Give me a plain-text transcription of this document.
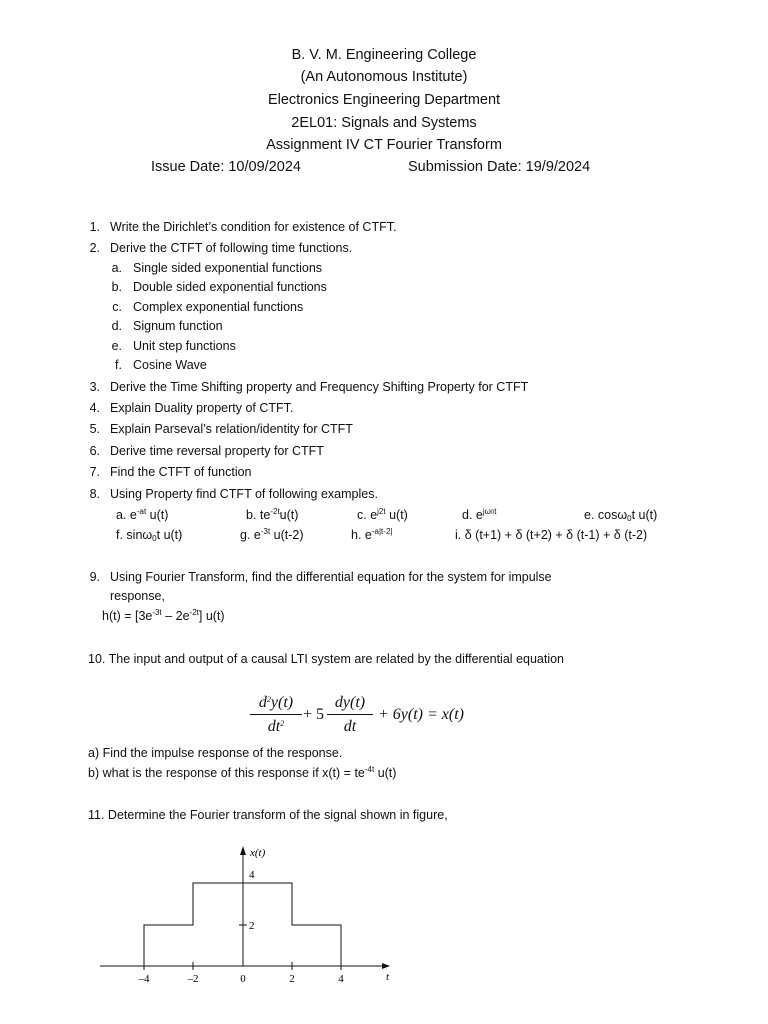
B. V. M. Engineering College
(An Autonomous Institute)
Electronics Engineering Department
2EL01: Signals and Systems
Assignment IV CT Fourier Transform
Issue Date: 10/09/2024	Submission Date: 19/9/2024
1. Write the Dirichlet’s condition for existence of CTFT.
2. Derive the CTFT of following time functions.
a. Single sided exponential functions
b. Double sided exponential functions
c. Complex exponential functions
d. Signum function
e. Unit step functions
f. Cosine Wave
3. Derive the Time Shifting property and Frequency Shifting Property for CTFT
4. Explain Duality property of CTFT.
5. Explain Parseval’s relation/identity for CTFT
6. Derive time reversal property for CTFT
7. Find the CTFT of function
8. Using Property find CTFT of following examples.
a. $e^{-at}$ u(t)	b. $te^{-2t}u(t)$	c. $e^{j2t}$ u(t)	d. $e^{j\omega 0t}$	e. cosω$_0$t u(t)
f. sinω$_0$t u(t)	g. $e^{-3t}$ u(t-2)	h. $e^{-a|t-2|}$	i. δ (t+1) + δ (t+2) + δ (t-1) + δ (t-2)
9. Using Fourier Transform, find the differential equation for the system for impulse
response,
$h(t) = [3e^{-3t} - 2e^{-2t}]$ u(t)
10. The input and output of a causal LTI system are related by the differential equation
$d^2y(t)$
$dt^2$
+ 5
dy(t)
dt
+ 6y(t) = x(t)
a) Find the impulse response of the response.
b) what is the response of this response if $x(t) = te^{-4t}$ u(t)
11. Determine the Fourier transform of the signal shown in figure,
x(t)
t
4
2
–4	–2	0	2	4
